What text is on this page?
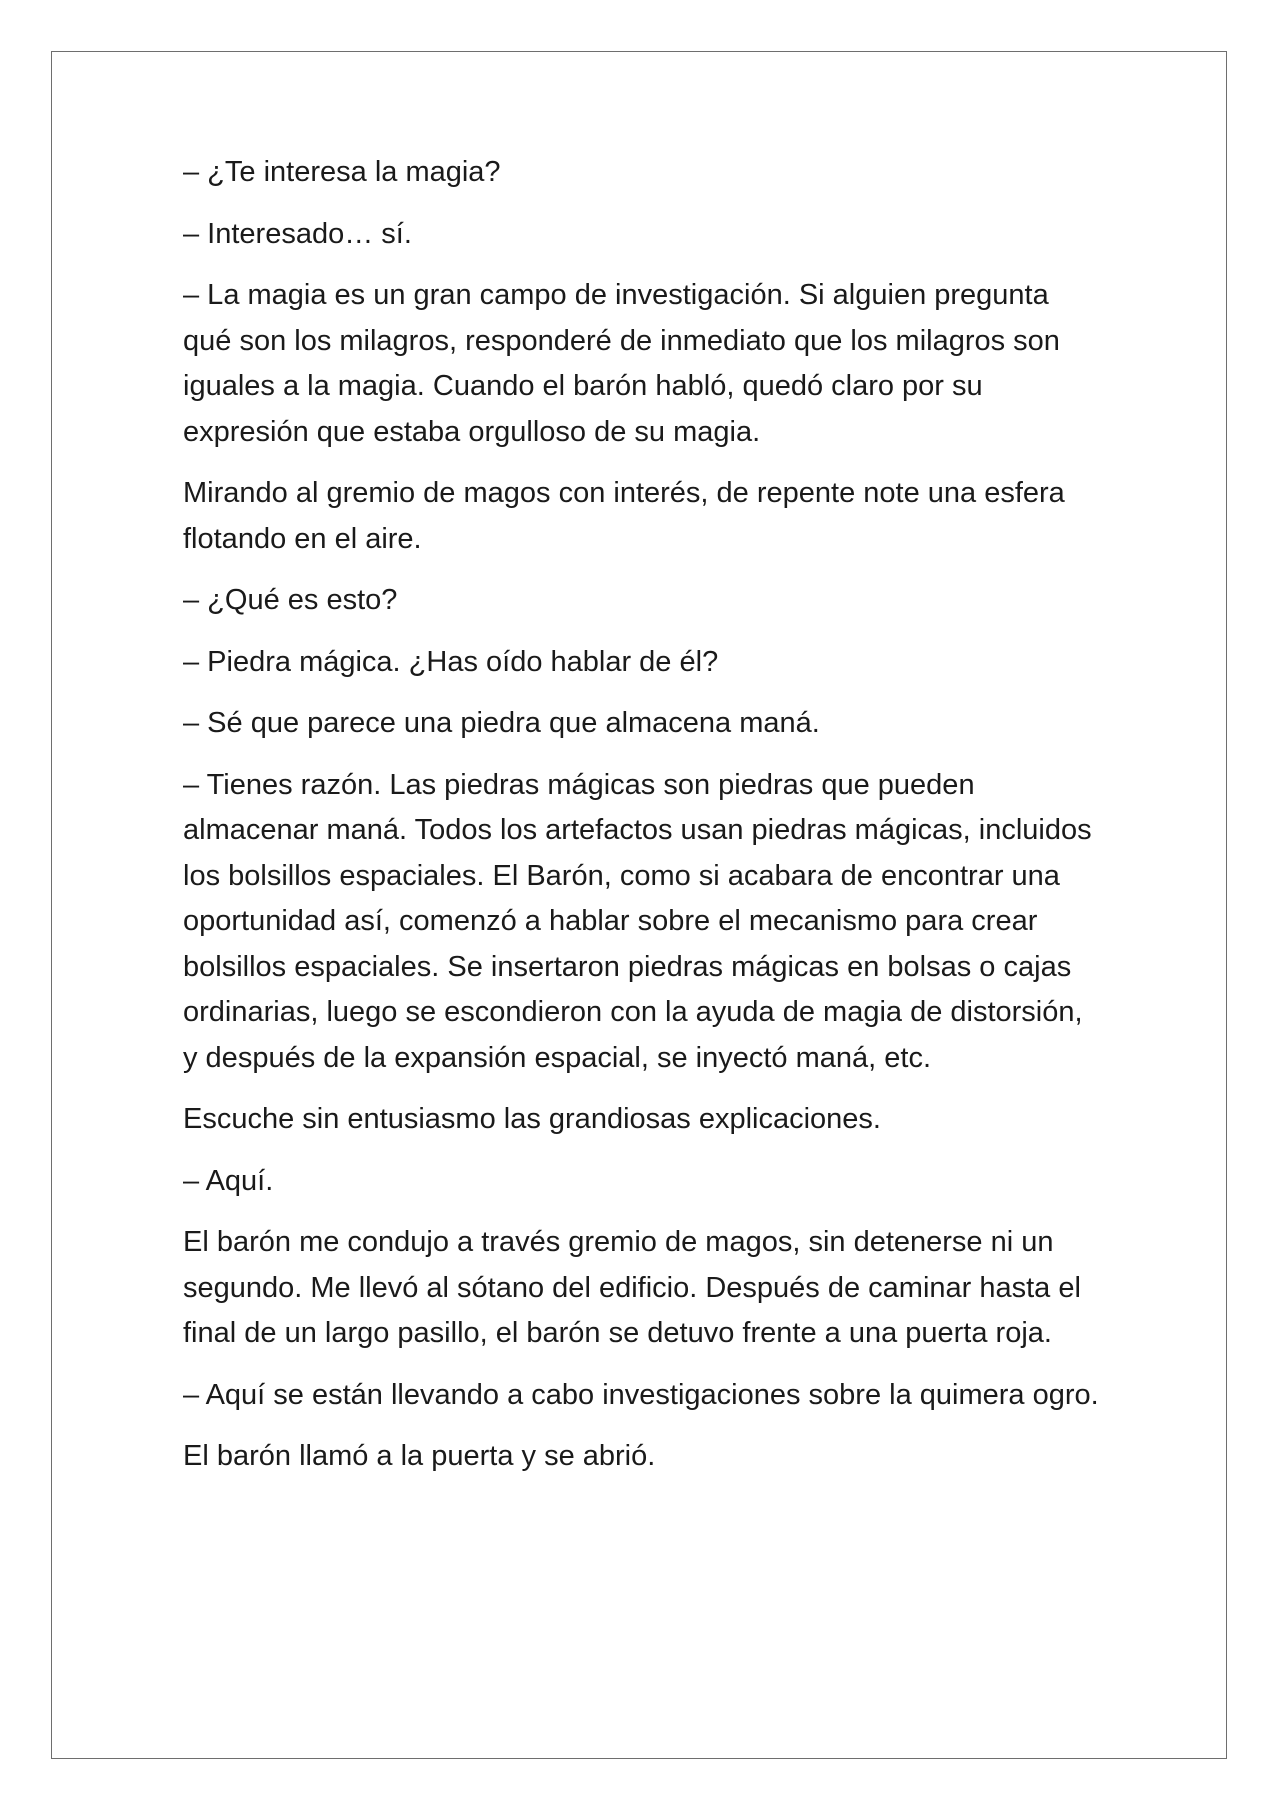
– ¿Te interesa la magia?

– Interesado… sí.

– La magia es un gran campo de investigación. Si alguien pregunta qué son los milagros, responderé de inmediato que los milagros son iguales a la magia. Cuando el barón habló, quedó claro por su expresión que estaba orgulloso de su magia.

Mirando al gremio de magos con interés, de repente note una esfera flotando en el aire.

– ¿Qué es esto?

– Piedra mágica. ¿Has oído hablar de él?

– Sé que parece una piedra que almacena maná.

– Tienes razón. Las piedras mágicas son piedras que pueden almacenar maná. Todos los artefactos usan piedras mágicas, incluidos los bolsillos espaciales. El Barón, como si acabara de encontrar una oportunidad así, comenzó a hablar sobre el mecanismo para crear bolsillos espaciales. Se insertaron piedras mágicas en bolsas o cajas ordinarias, luego se escondieron con la ayuda de magia de distorsión, y después de la expansión espacial, se inyectó maná, etc.

Escuche sin entusiasmo las grandiosas explicaciones.

– Aquí.

El barón me condujo a través gremio de magos, sin detenerse ni un segundo. Me llevó al sótano del edificio. Después de caminar hasta el final de un largo pasillo, el barón se detuvo frente a una puerta roja.

– Aquí se están llevando a cabo investigaciones sobre la quimera ogro.

El barón llamó a la puerta y se abrió.
